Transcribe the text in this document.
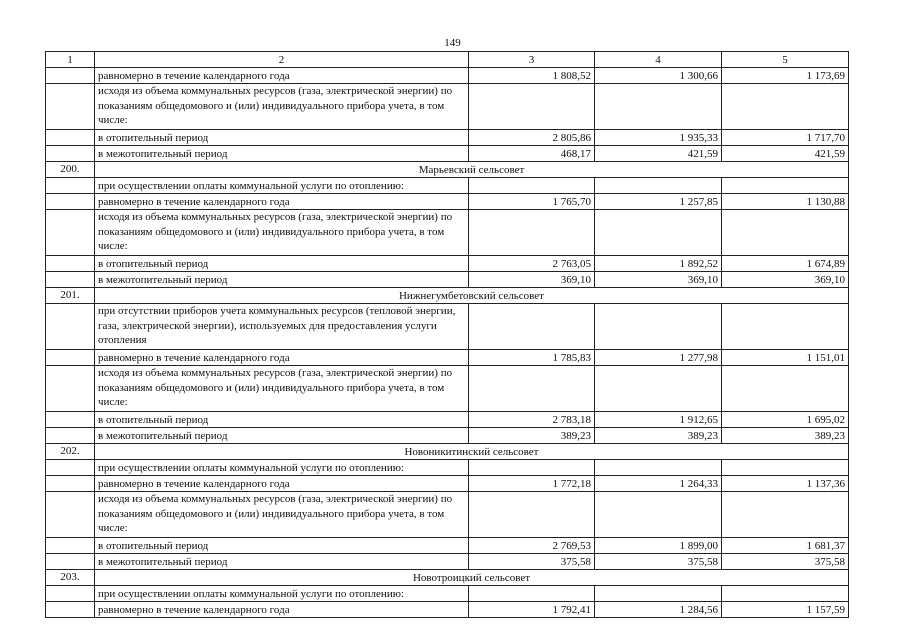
149
1	2	3	4	5
	равномерно в течение календарного года	1 808,52	1 300,66	1 173,69
	исходя из объема коммунальных ресурсов (газа, электрической энергии) по показаниям общедомового и (или) индивидуального прибора учета, в том числе:			
	в отопительный период	2 805,86	1 935,33	1 717,70
	в межотопительный период	468,17	421,59	421,59
200.	Марьевский сельсовет			
	при осуществлении оплаты коммунальной услуги по отоплению:			
	равномерно в течение календарного года	1 765,70	1 257,85	1 130,88
	исходя из объема коммунальных ресурсов (газа, электрической энергии) по показаниям общедомового и (или) индивидуального прибора учета, в том числе:			
	в отопительный период	2 763,05	1 892,52	1 674,89
	в межотопительный период	369,10	369,10	369,10
201.	Нижнегумбетовский сельсовет			
	при отсутствии приборов учета коммунальных ресурсов (тепловой энергии, газа, электрической энергии), используемых для предоставления услуги отопления			
	равномерно в течение календарного года	1 785,83	1 277,98	1 151,01
	исходя из объема коммунальных ресурсов (газа, электрической энергии) по показаниям общедомового и (или) индивидуального прибора учета, в том числе:			
	в отопительный период	2 783,18	1 912,65	1 695,02
	в межотопительный период	389,23	389,23	389,23
202.	Новоникитинский сельсовет			
	при осуществлении оплаты коммунальной услуги по отоплению:			
	равномерно в течение календарного года	1 772,18	1 264,33	1 137,36
	исходя из объема коммунальных ресурсов (газа, электрической энергии) по показаниям общедомового и (или) индивидуального прибора учета, в том числе:			
	в отопительный период	2 769,53	1 899,00	1 681,37
	в межотопительный период	375,58	375,58	375,58
203.	Новотроицкий сельсовет			
	при осуществлении оплаты коммунальной услуги по отоплению:			
	равномерно в течение календарного года	1 792,41	1 284,56	1 157,59
